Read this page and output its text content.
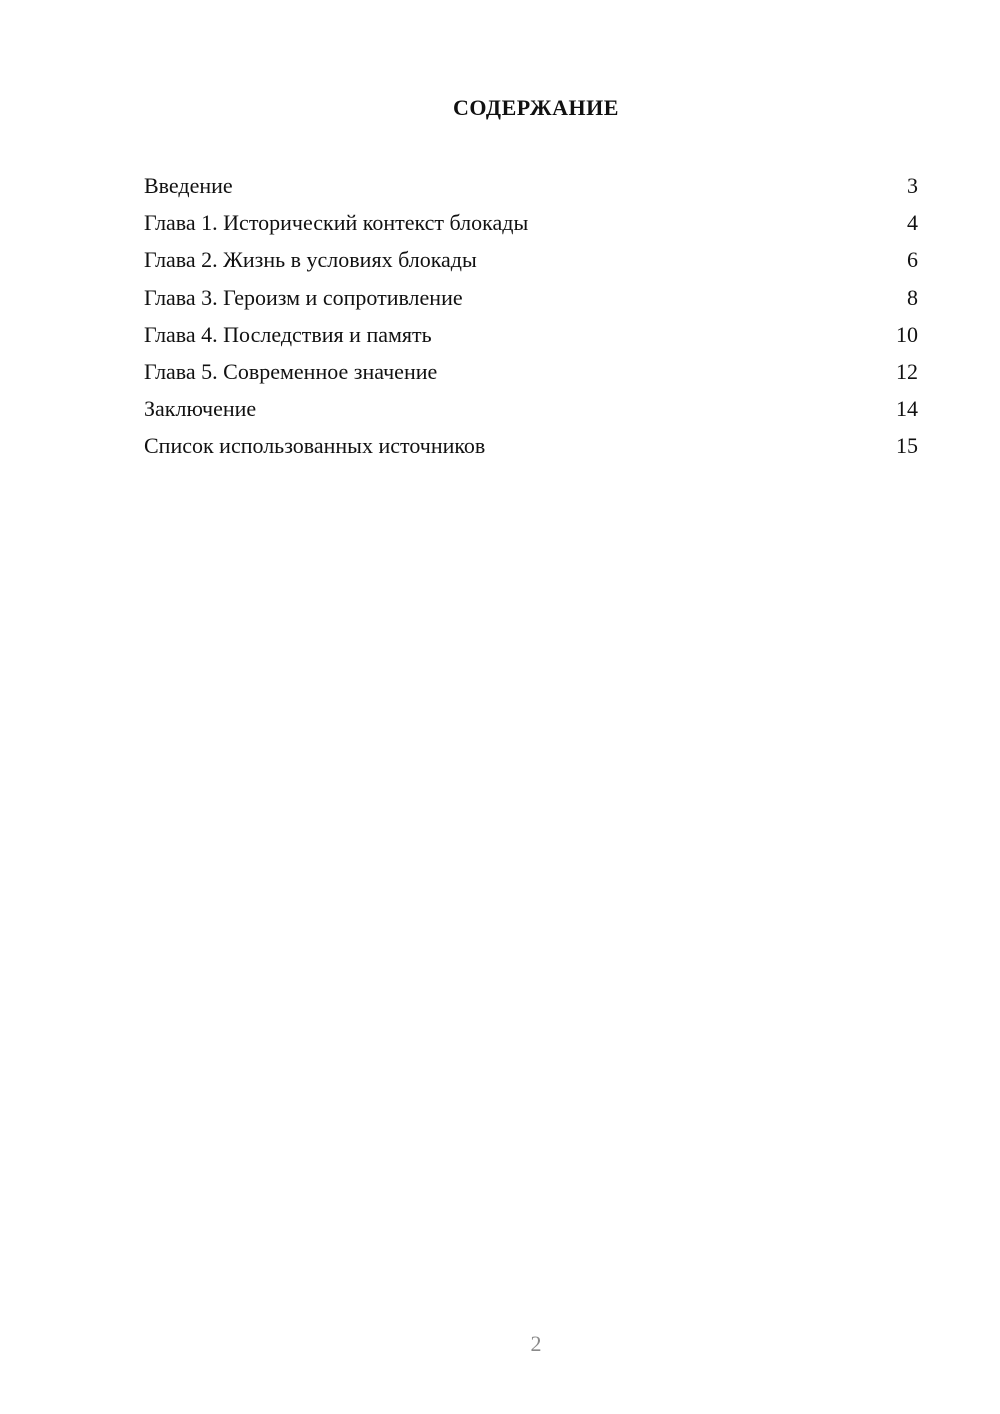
СОДЕРЖАНИЕ
Введение	3
Глава 1. Исторический контекст блокады	4
Глава 2. Жизнь в условиях блокады	6
Глава 3. Героизм и сопротивление	8
Глава 4. Последствия и память	10
Глава 5. Современное значение	12
Заключение	14
Список использованных источников	15
2
